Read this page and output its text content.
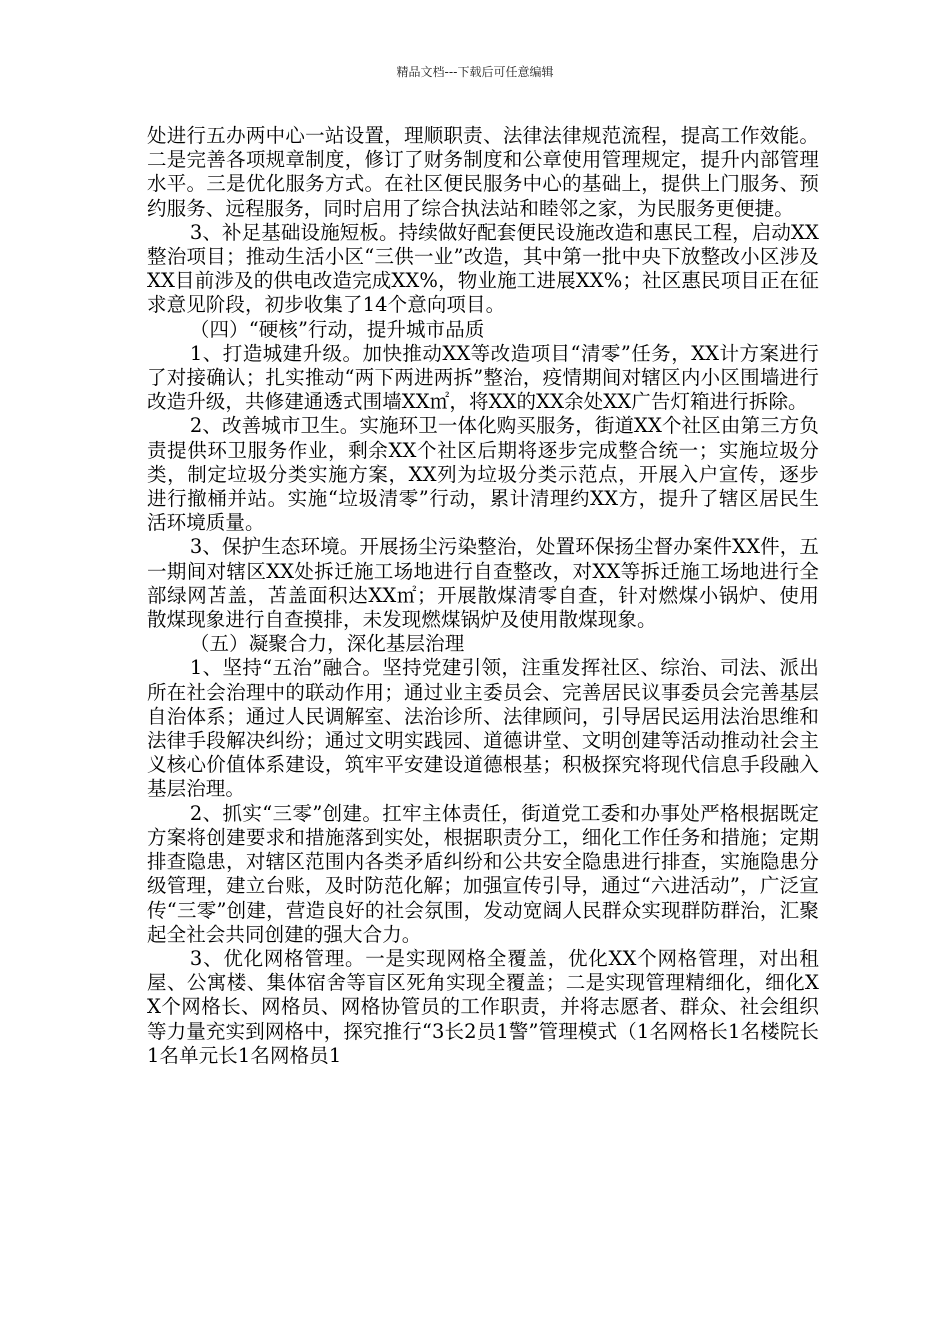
精品文档---下载后可任意编辑

处进行五办两中心一站设置，理顺职责、法律法律规范流程，提高工作效能。二是完善各项规章制度，修订了财务制度和公章使用管理规定，提升内部管理水平。三是优化服务方式。在社区便民服务中心的基础上，提供上门服务、预约服务、远程服务，同时启用了综合执法站和睦邻之家，为民服务更便捷。

3、补足基础设施短板。持续做好配套便民设施改造和惠民工程，启动XX整治项目；推动生活小区“三供一业”改造，其中第一批中央下放整改小区涉及XX目前涉及的供电改造完成XX%，物业施工进展XX%；社区惠民项目正在征求意见阶段，初步收集了14个意向项目。

（四）“硬核”行动，提升城市品质

1、打造城建升级。加快推动XX等改造项目“清零”任务，XX计方案进行了对接确认；扎实推动“两下两进两拆”整治，疫情期间对辖区内小区围墙进行改造升级，共修建通透式围墙XX㎡，将XX的XX余处XX广告灯箱进行拆除。

2、改善城市卫生。实施环卫一体化购买服务，街道XX个社区由第三方负责提供环卫服务作业，剩余XX个社区后期将逐步完成整合统一；实施垃圾分类，制定垃圾分类实施方案，XX列为垃圾分类示范点，开展入户宣传，逐步进行撤桶并站。实施“垃圾清零”行动，累计清理约XX方，提升了辖区居民生活环境质量。

3、保护生态环境。开展扬尘污染整治，处置环保扬尘督办案件XX件，五一期间对辖区XX处拆迁施工场地进行自查整改，对XX等拆迁施工场地进行全部绿网苫盖，苫盖面积达XX㎡；开展散煤清零自查，针对燃煤小锅炉、使用散煤现象进行自查摸排，未发现燃煤锅炉及使用散煤现象。

（五）凝聚合力，深化基层治理

1、坚持“五治”融合。坚持党建引领，注重发挥社区、综治、司法、派出所在社会治理中的联动作用；通过业主委员会、完善居民议事委员会完善基层自治体系；通过人民调解室、法治诊所、法律顾问，引导居民运用法治思维和法律手段解决纠纷；通过文明实践园、道德讲堂、文明创建等活动推动社会主义核心价值体系建设，筑牢平安建设道德根基；积极探究将现代信息手段融入基层治理。

2、抓实“三零”创建。扛牢主体责任，街道党工委和办事处严格根据既定方案将创建要求和措施落到实处，根据职责分工，细化工作任务和措施；定期排查隐患，对辖区范围内各类矛盾纠纷和公共安全隐患进行排查，实施隐患分级管理，建立台账，及时防范化解；加强宣传引导，通过“六进活动”，广泛宣传“三零”创建，营造良好的社会氛围，发动宽阔人民群众实现群防群治，汇聚起全社会共同创建的强大合力。

3、优化网格管理。一是实现网格全覆盖，优化XX个网格管理，对出租屋、公寓楼、集体宿舍等盲区死角实现全覆盖；二是实现管理精细化，细化XX个网格长、网格员、网格协管员的工作职责，并将志愿者、群众、社会组织等力量充实到网格中，探究推行“3长2员1警”管理模式（1名网格长1名楼院长1名单元长1名网格员1
